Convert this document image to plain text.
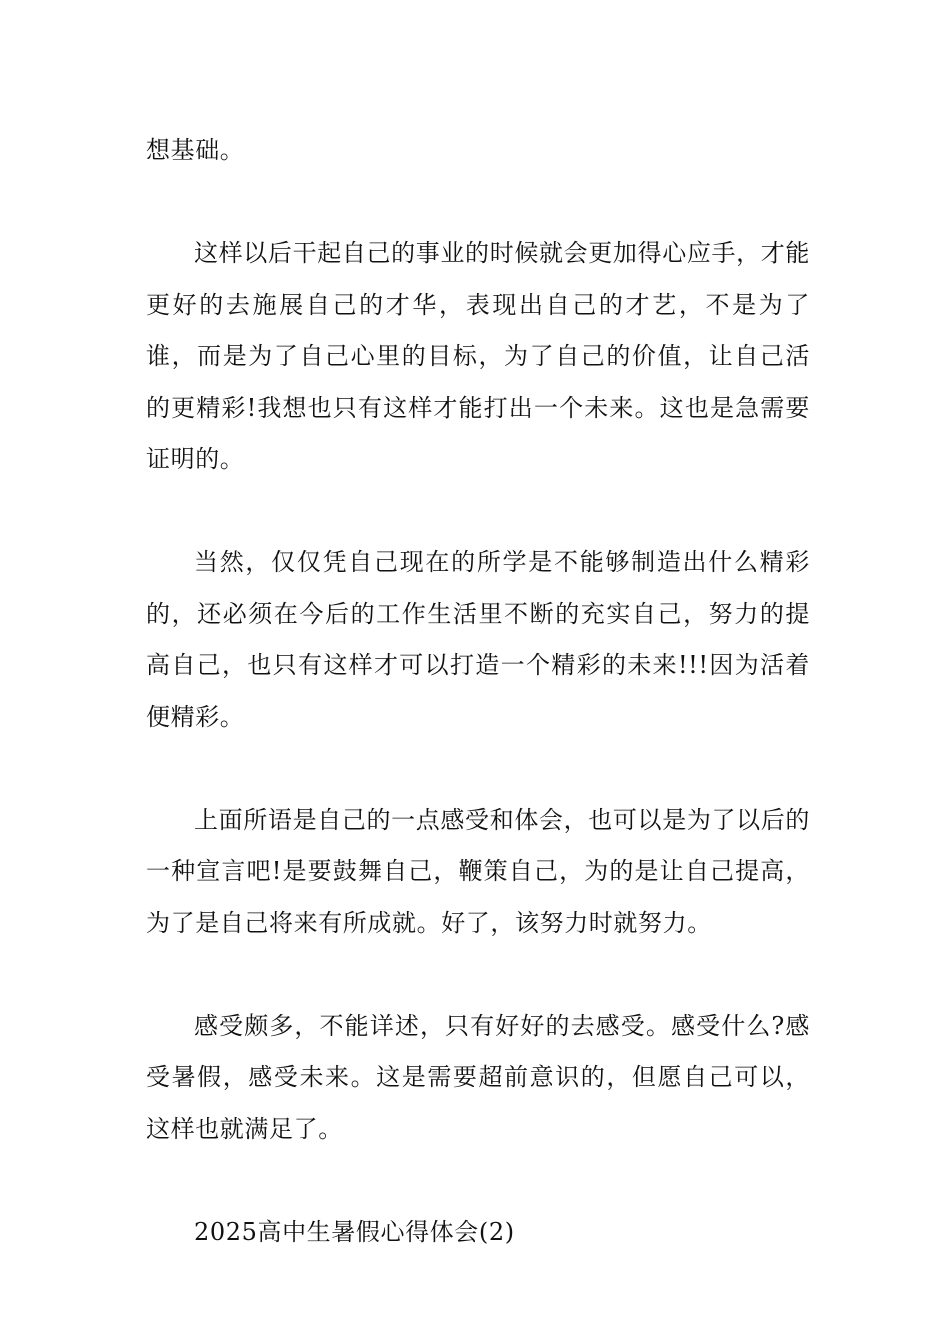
想基础。

这样以后干起自己的事业的时候就会更加得心应手，才能更好的去施展自己的才华，表现出自己的才艺，不是为了谁，而是为了自己心里的目标，为了自己的价值，让自己活的更精彩!我想也只有这样才能打出一个未来。这也是急需要证明的。

当然，仅仅凭自己现在的所学是不能够制造出什么精彩的，还必须在今后的工作生活里不断的充实自己，努力的提高自己，也只有这样才可以打造一个精彩的未来!!!因为活着便精彩。

上面所语是自己的一点感受和体会，也可以是为了以后的一种宣言吧!是要鼓舞自己，鞭策自己，为的是让自己提高，为了是自己将来有所成就。好了，该努力时就努力。

感受颇多，不能详述，只有好好的去感受。感受什么?感受暑假，感受未来。这是需要超前意识的，但愿自己可以，这样也就满足了。

2025高中生暑假心得体会(2)
